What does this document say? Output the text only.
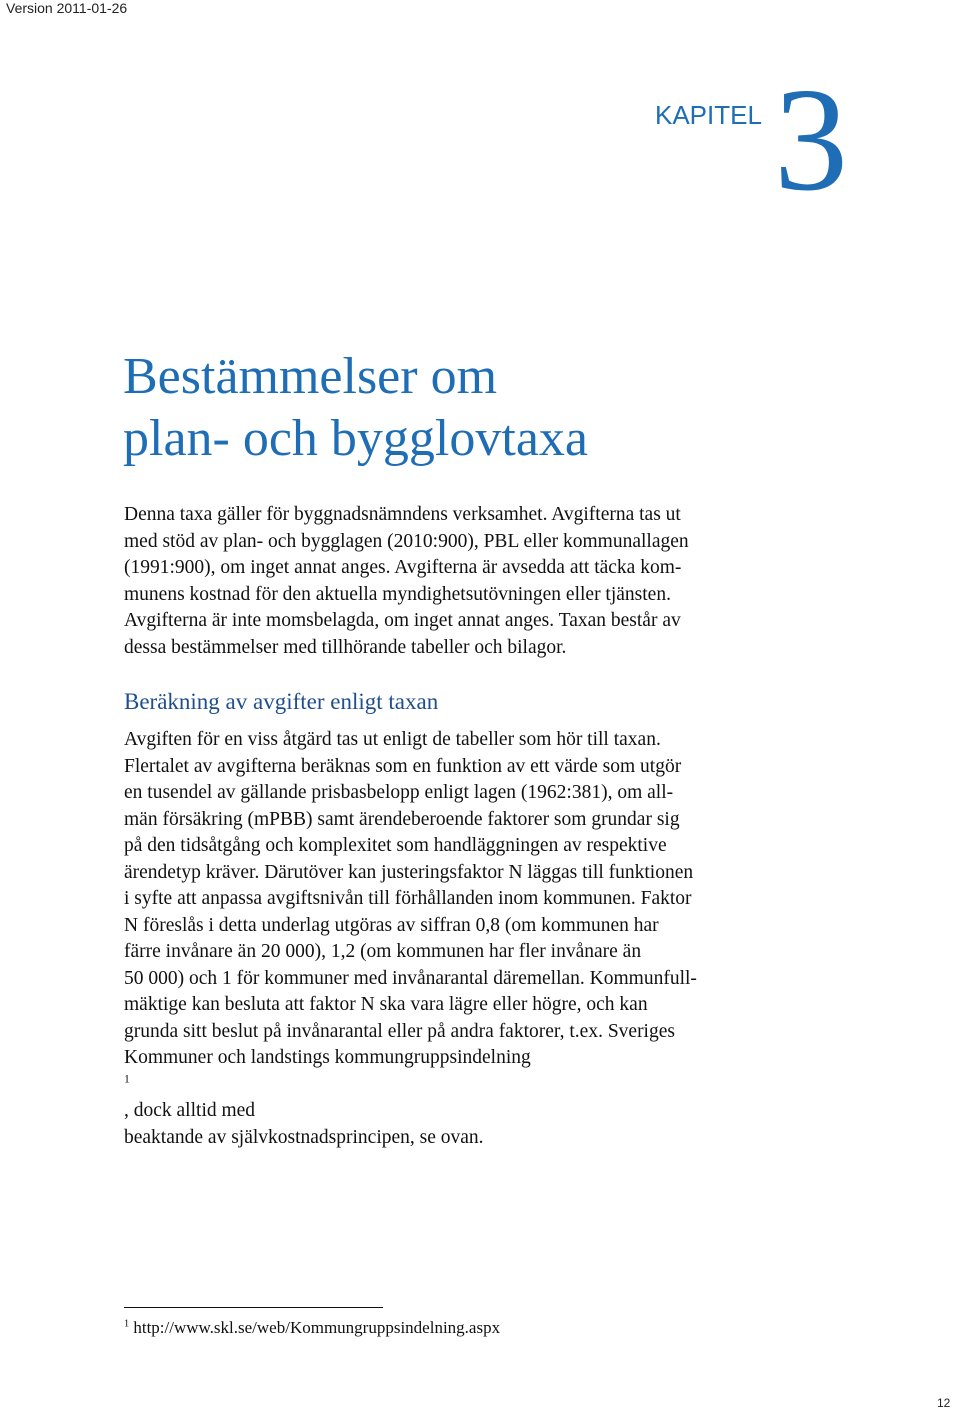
Version 2011-01-26
KAPITEL 3
Bestämmelser om
plan- och bygglovtaxa

Denna taxa gäller för byggnadsnämndens verksamhet. Avgifterna tas ut
med stöd av plan- och bygglagen (2010:900), PBL eller kommunallagen
(1991:900), om inget annat anges. Avgifterna är avsedda att täcka kom-
munens kostnad för den aktuella myndighetsutövningen eller tjänsten.
Avgifterna är inte momsbelagda, om inget annat anges. Taxan består av
dessa bestämmelser med tillhörande tabeller och bilagor.

Beräkning av avgifter enligt taxan

Avgiften för en viss åtgärd tas ut enligt de tabeller som hör till taxan.
Flertalet av avgifterna beräknas som en funktion av ett värde som utgör
en tusendel av gällande prisbasbelopp enligt lagen (1962:381), om all-
män försäkring (mPBB) samt ärendeberoende faktorer som grundar sig
på den tidsåtgång och komplexitet som handläggningen av respektive
ärendetyp kräver. Därutöver kan justeringsfaktor N läggas till funktionen
i syfte att anpassa avgiftsnivån till förhållanden inom kommunen. Faktor
N föreslås i detta underlag utgöras av siffran 0,8 (om kommunen har
färre invånare än 20 000), 1,2 (om kommunen har fler invånare än
50 000) och 1 för kommuner med invånarantal däremellan. Kommunfull-
mäktige kan besluta att faktor N ska vara lägre eller högre, och kan
grunda sitt beslut på invånarantal eller på andra faktorer, t.ex. Sveriges
Kommuner och landstings kommungruppsindelning
$^1$
, dock alltid med
beaktande av självkostnadsprincipen, se ovan.

$^1$ http://www.skl.se/web/Kommungruppsindelning.aspx
12
